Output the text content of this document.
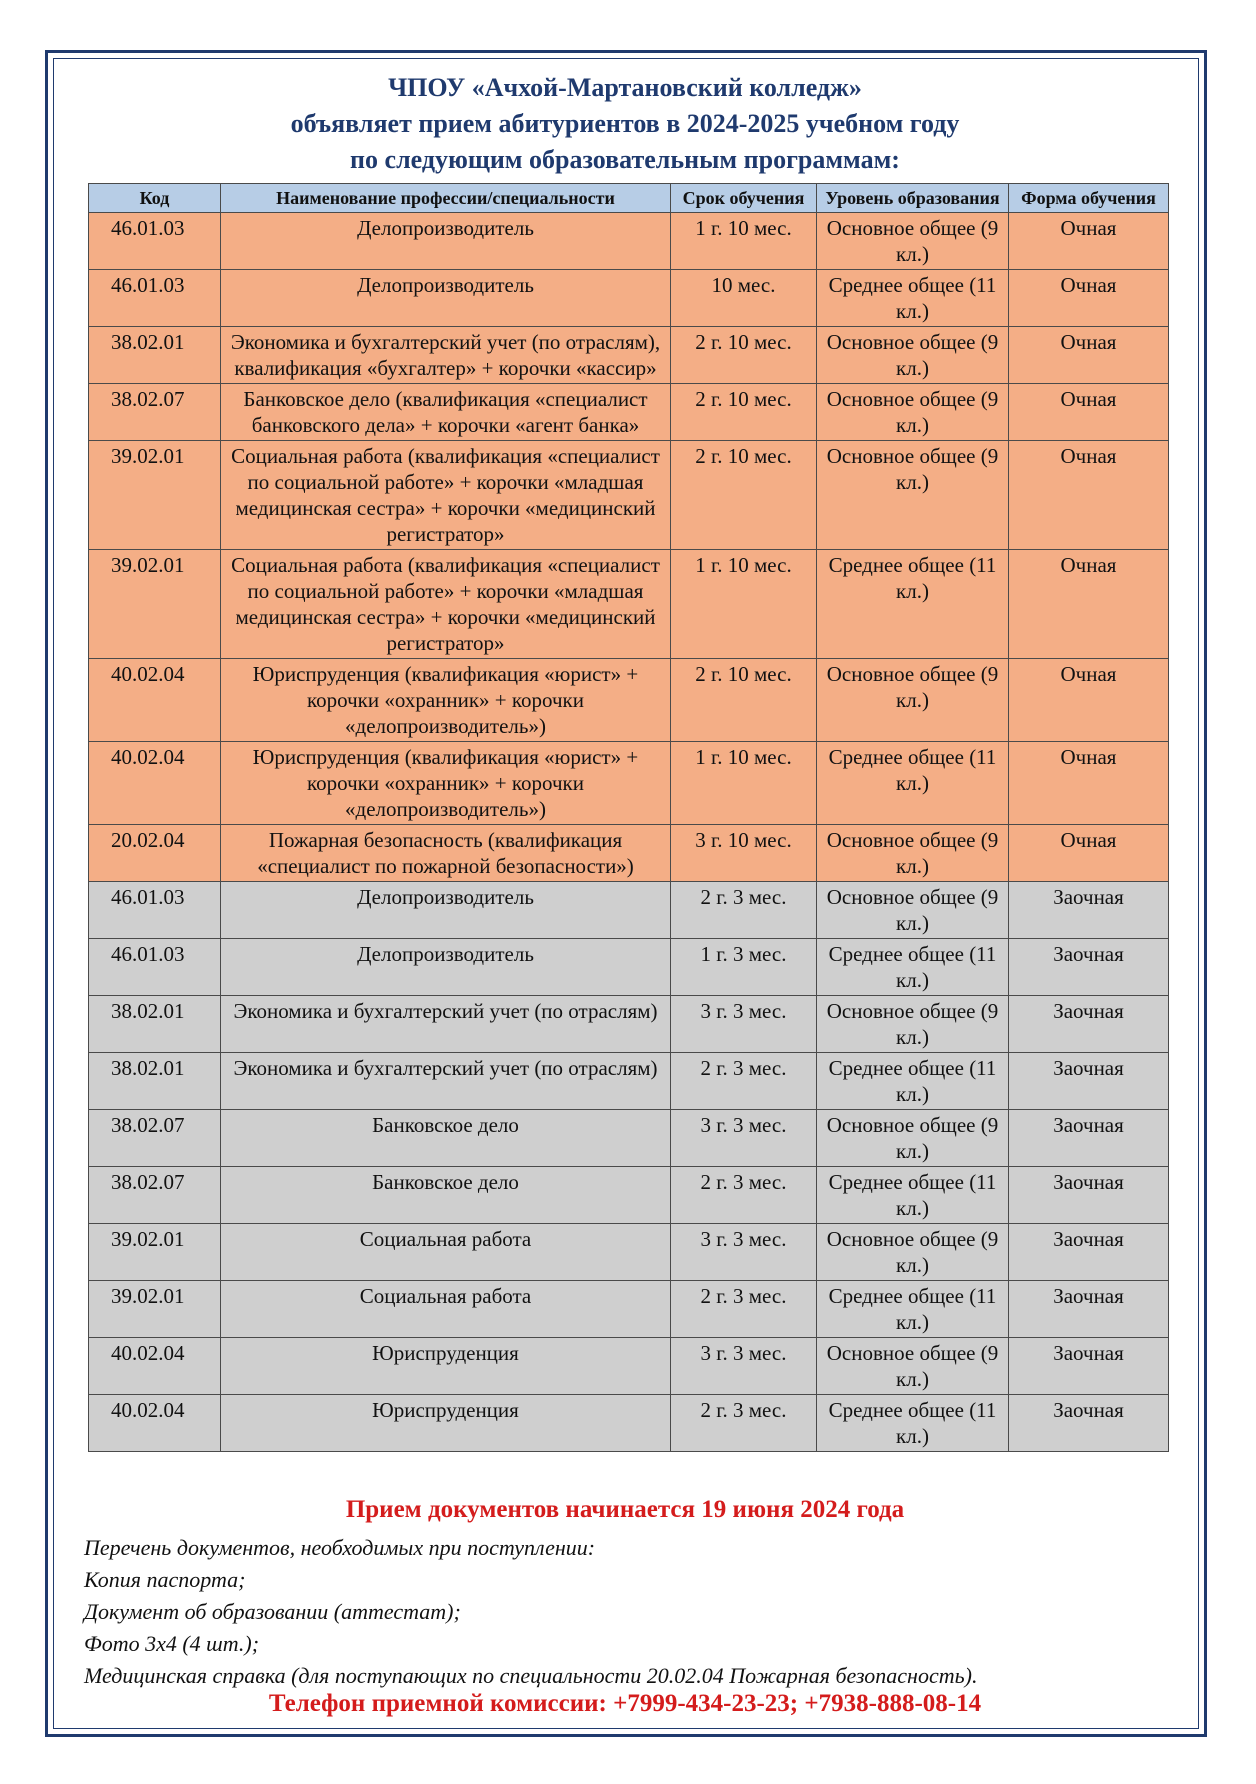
ЧПОУ «Ачхой-Мартановский колледж»
объявляет прием абитуриентов в 2024-2025 учебном году
по следующим образовательным программам:
Код	Наименование профессии/специальности	Срок обучения	Уровень образования	Форма обучения
46.01.03	Делопроизводитель	1 г. 10 мес.	Основное общее (9 кл.)	Очная
46.01.03	Делопроизводитель	10 мес.	Среднее общее (11 кл.)	Очная
38.02.01	Экономика и бухгалтерский учет (по отраслям), квалификация «бухгалтер» + корочки «кассир»	2 г. 10 мес.	Основное общее (9 кл.)	Очная
38.02.07	Банковское дело (квалификация «специалист банковского дела» + корочки «агент банка»	2 г. 10 мес.	Основное общее (9 кл.)	Очная
39.02.01	Социальная работа (квалификация «специалист по социальной работе» + корочки «младшая медицинская сестра» + корочки «медицинский регистратор»	2 г. 10 мес.	Основное общее (9 кл.)	Очная
39.02.01	Социальная работа (квалификация «специалист по социальной работе» + корочки «младшая медицинская сестра» + корочки «медицинский регистратор»	1 г. 10 мес.	Среднее общее (11 кл.)	Очная
40.02.04	Юриспруденция (квалификация «юрист» + корочки «охранник» + корочки «делопроизводитель»)	2 г. 10 мес.	Основное общее (9 кл.)	Очная
40.02.04	Юриспруденция (квалификация «юрист» + корочки «охранник» + корочки «делопроизводитель»)	1 г. 10 мес.	Среднее общее (11 кл.)	Очная
20.02.04	Пожарная безопасность (квалификация «специалист по пожарной безопасности»)	3 г. 10 мес.	Основное общее (9 кл.)	Очная
46.01.03	Делопроизводитель	2 г. 3 мес.	Основное общее (9 кл.)	Заочная
46.01.03	Делопроизводитель	1 г. 3 мес.	Среднее общее (11 кл.)	Заочная
38.02.01	Экономика и бухгалтерский учет (по отраслям)	3 г. 3 мес.	Основное общее (9 кл.)	Заочная
38.02.01	Экономика и бухгалтерский учет (по отраслям)	2 г. 3 мес.	Среднее общее (11 кл.)	Заочная
38.02.07	Банковское дело	3 г. 3 мес.	Основное общее (9 кл.)	Заочная
38.02.07	Банковское дело	2 г. 3 мес.	Среднее общее (11 кл.)	Заочная
39.02.01	Социальная работа	3 г. 3 мес.	Основное общее (9 кл.)	Заочная
39.02.01	Социальная работа	2 г. 3 мес.	Среднее общее (11 кл.)	Заочная
40.02.04	Юриспруденция	3 г. 3 мес.	Основное общее (9 кл.)	Заочная
40.02.04	Юриспруденция	2 г. 3 мес.	Среднее общее (11 кл.)	Заочная
Прием документов начинается 19 июня 2024 года
Перечень документов, необходимых при поступлении:
Копия паспорта;
Документ об образовании (аттестат);
Фото 3х4 (4 шт.);
Медицинская справка (для поступающих по специальности 20.02.04 Пожарная безопасность).
Телефон приемной комиссии: +7999-434-23-23; +7938-888-08-14
